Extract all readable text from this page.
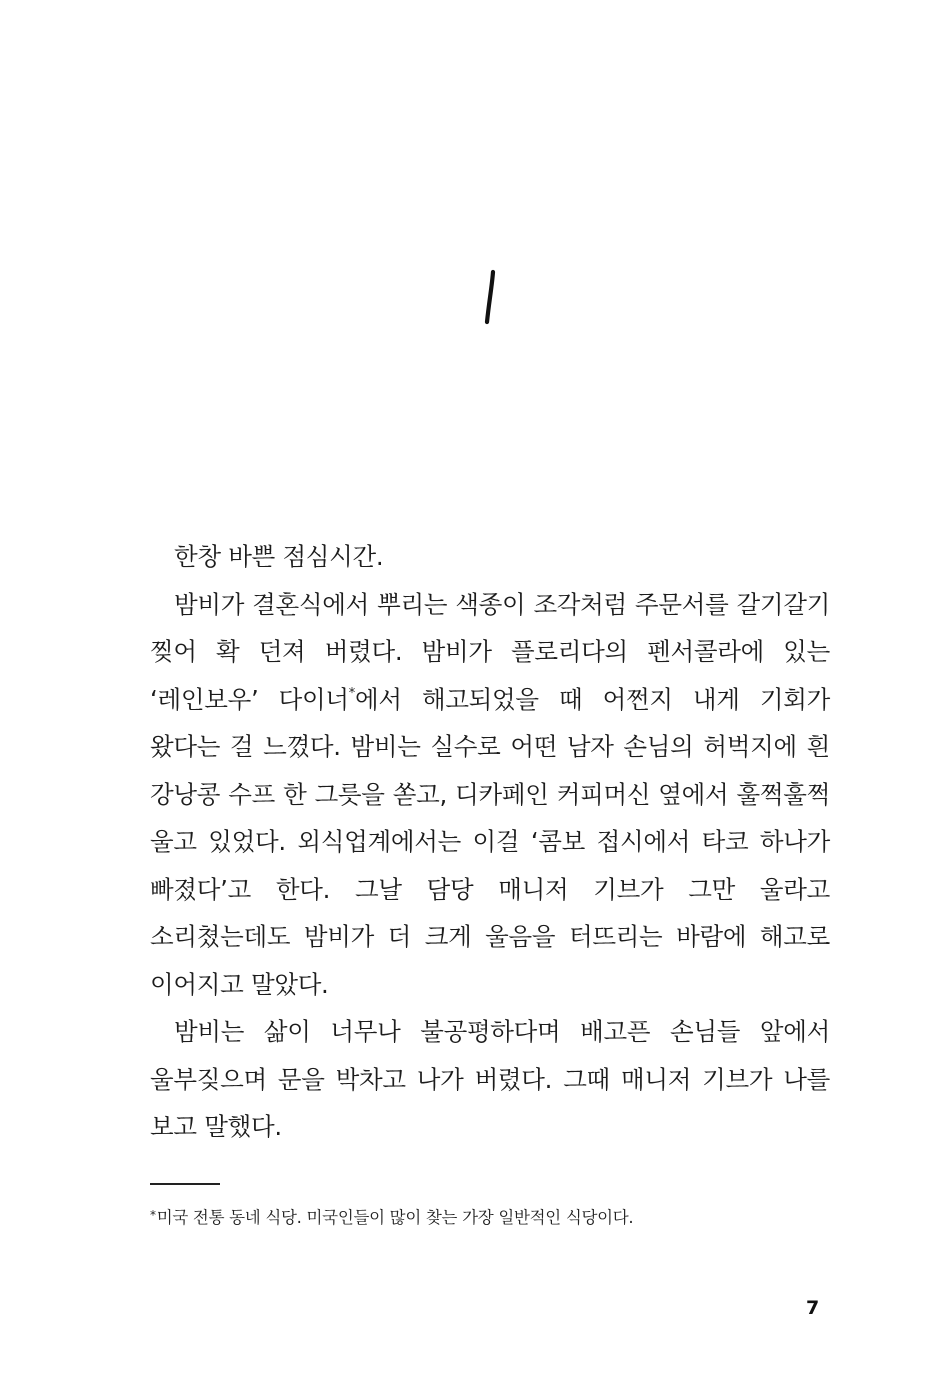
한창 바쁜 점심시간.

밤비가 결혼식에서 뿌리는 색종이 조각처럼 주문서를 갈기갈기 찢어 확 던져 버렸다. 밤비가 플로리다의 펜서콜라에 있는 ‘레인보우’ 다이너*에서 해고되었을 때 어쩐지 내게 기회가 왔다는 걸 느꼈다. 밤비는 실수로 어떤 남자 손님의 허벅지에 흰 강낭콩 수프 한 그릇을 쏟고, 디카페인 커피머신 옆에서 훌쩍훌쩍 울고 있었다. 외식업계에서는 이걸 ‘콤보 접시에서 타코 하나가 빠졌다’고 한다. 그날 담당 매니저 기브가 그만 울라고 소리쳤는데도 밤비가 더 크게 울음을 터뜨리는 바람에 해고로 이어지고 말았다.

밤비는 삶이 너무나 불공평하다며 배고픈 손님들 앞에서 울부짖으며 문을 박차고 나가 버렸다. 그때 매니저 기브가 나를 보고 말했다.

*미국 전통 동네 식당. 미국인들이 많이 찾는 가장 일반적인 식당이다.
7
